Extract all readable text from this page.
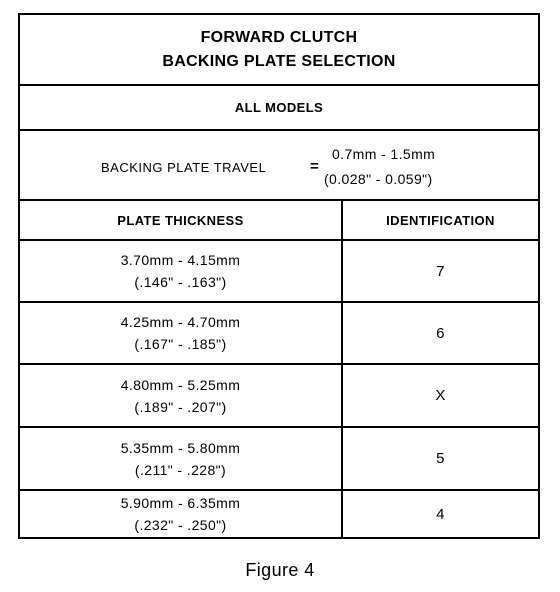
FORWARD CLUTCH
BACKING PLATE SELECTION
ALL MODELS
BACKING PLATE TRAVEL	=
0.7mm - 1.5mm
(0.028" - 0.059")
PLATE THICKNESS	IDENTIFICATION
3.70mm - 4.15mm
(.146" - .163")
7
4.25mm - 4.70mm
(.167" - .185")
6
4.80mm - 5.25mm
(.189" - .207")
X
5.35mm - 5.80mm
(.211" - .228")
5
5.90mm - 6.35mm
(.232" - .250")
4
Figure 4
